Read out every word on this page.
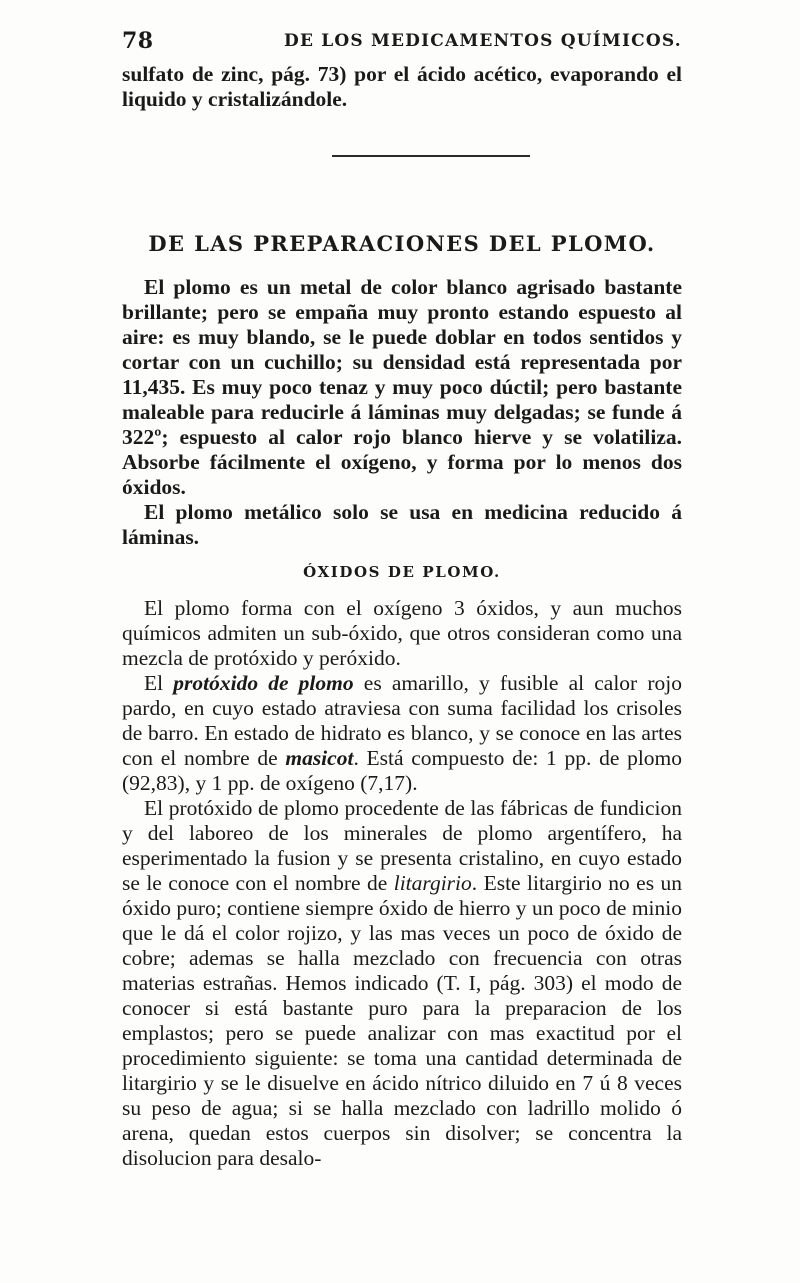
78	DE LOS MEDICAMENTOS QUÍMICOS.

sulfato de zinc, pág. 73) por el ácido acético, evaporando el liquido y cristalizándole.

DE LAS PREPARACIONES DEL PLOMO.

El plomo es un metal de color blanco agrisado bastante brillante; pero se empaña muy pronto estando espuesto al aire: es muy blando, se le puede doblar en todos sentidos y cortar con un cuchillo; su densidad está representada por 11,435. Es muy poco tenaz y muy poco dúctil; pero bastante maleable para reducirle á láminas muy delgadas; se funde á 322º; espuesto al calor rojo blanco hierve y se volatiliza. Absorbe fácilmente el oxígeno, y forma por lo menos dos óxidos.

El plomo metálico solo se usa en medicina reducido á láminas.

ÓXIDOS DE PLOMO.

El plomo forma con el oxígeno 3 óxidos, y aun muchos químicos admiten un sub-óxido, que otros consideran como una mezcla de protóxido y peróxido.

El protóxido de plomo es amarillo, y fusible al calor rojo pardo, en cuyo estado atraviesa con suma facilidad los crisoles de barro. En estado de hidrato es blanco, y se conoce en las artes con el nombre de masicot. Está compuesto de: 1 pp. de plomo (92,83), y 1 pp. de oxígeno (7,17).

El protóxido de plomo procedente de las fábricas de fundicion y del laboreo de los minerales de plomo argentífero, ha esperimentado la fusion y se presenta cristalino, en cuyo estado se le conoce con el nombre de litargirio. Este litargirio no es un óxido puro; contiene siempre óxido de hierro y un poco de minio que le dá el color rojizo, y las mas veces un poco de óxido de cobre; ademas se halla mezclado con frecuencia con otras materias estrañas. Hemos indicado (T. I, pág. 303) el modo de conocer si está bastante puro para la preparacion de los emplastos; pero se puede analizar con mas exactitud por el procedimiento siguiente: se toma una cantidad determinada de litargirio y se le disuelve en ácido nítrico diluido en 7 ú 8 veces su peso de agua; si se halla mezclado con ladrillo molido ó arena, quedan estos cuerpos sin disolver; se concentra la disolucion para desalo-
